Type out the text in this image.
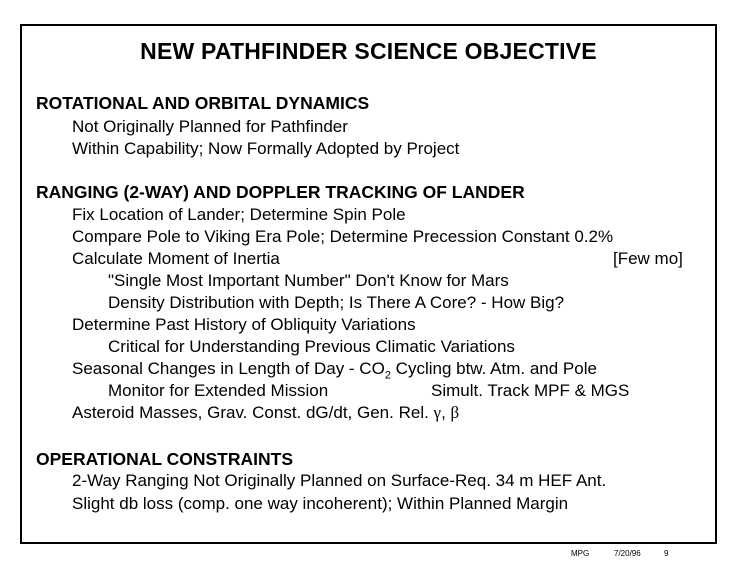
NEW PATHFINDER SCIENCE OBJECTIVE
ROTATIONAL AND ORBITAL DYNAMICS
Not Originally Planned for Pathfinder
Within Capability; Now Formally Adopted by Project
RANGING (2-WAY) AND DOPPLER TRACKING OF LANDER
Fix Location of Lander; Determine Spin Pole
Compare Pole to Viking Era Pole; Determine Precession Constant 0.2%
Calculate Moment of Inertia	[Few mo]
"Single Most Important Number" Don't Know for Mars
Density Distribution with Depth; Is There A Core? - How Big?
Determine Past History of Obliquity Variations
Critical for Understanding Previous Climatic Variations
Seasonal Changes in Length of Day - $CO_2$ Cycling btw. Atm. and Pole
Monitor for Extended Mission	Simult. Track MPF & MGS
Asteroid Masses, Grav. Const. dG/dt, Gen. Rel. γ, β
OPERATIONAL CONSTRAINTS
2-Way Ranging Not Originally Planned on Surface-Req. 34 m HEF Ant.
Slight db loss (comp. one way incoherent); Within Planned Margin
MPG	7/20/96	9
